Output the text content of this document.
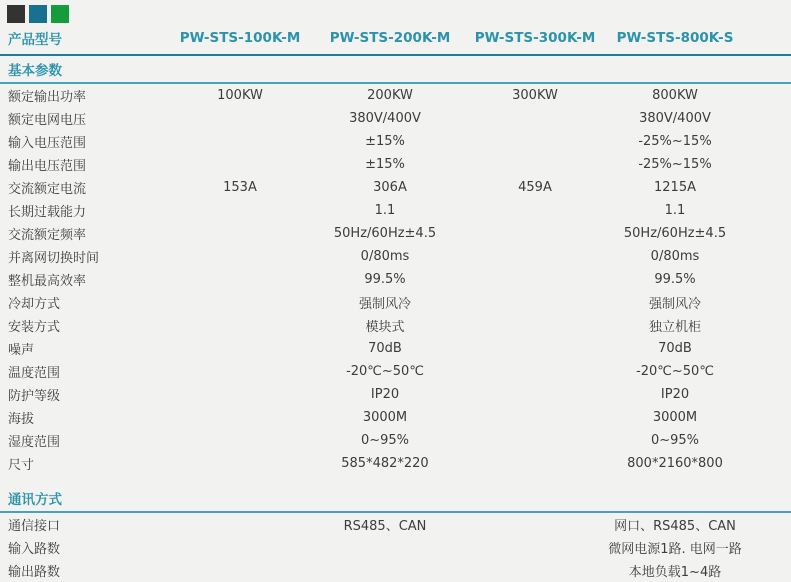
产品型号	PW-STS-100K-M	PW-STS-200K-M	PW-STS-300K-M	PW-STS-800K-S	
基本参数					
额定输出功率	100KW	200KW	300KW	800KW	
额定电网电压	380V/400V			380V/400V	
输入电压范围	±15%			-25%~15%	
输出电压范围	±15%			-25%~15%	
交流额定电流	153A	306A	459A	1215A	
长期过载能力	1.1			1.1	
交流额定频率	50Hz/60Hz±4.5			50Hz/60Hz±4.5	
并离网切换时间	0/80ms			0/80ms	
整机最高效率	99.5%			99.5%	
冷却方式	强制风冷			强制风冷	
安装方式	模块式			独立机柜	
噪声	70dB			70dB	
温度范围	-20℃~50℃			-20℃~50℃	
防护等级	IP20			IP20	
海拔	3000M			3000M	
湿度范围	0~95%			0~95%	
尺寸	585*482*220			800*2160*800	
通讯方式					
通信接口	RS485、CAN			网口、RS485、CAN	
输入路数				微网电源1路. 电网一路	
输出路数				本地负载1~4路	
